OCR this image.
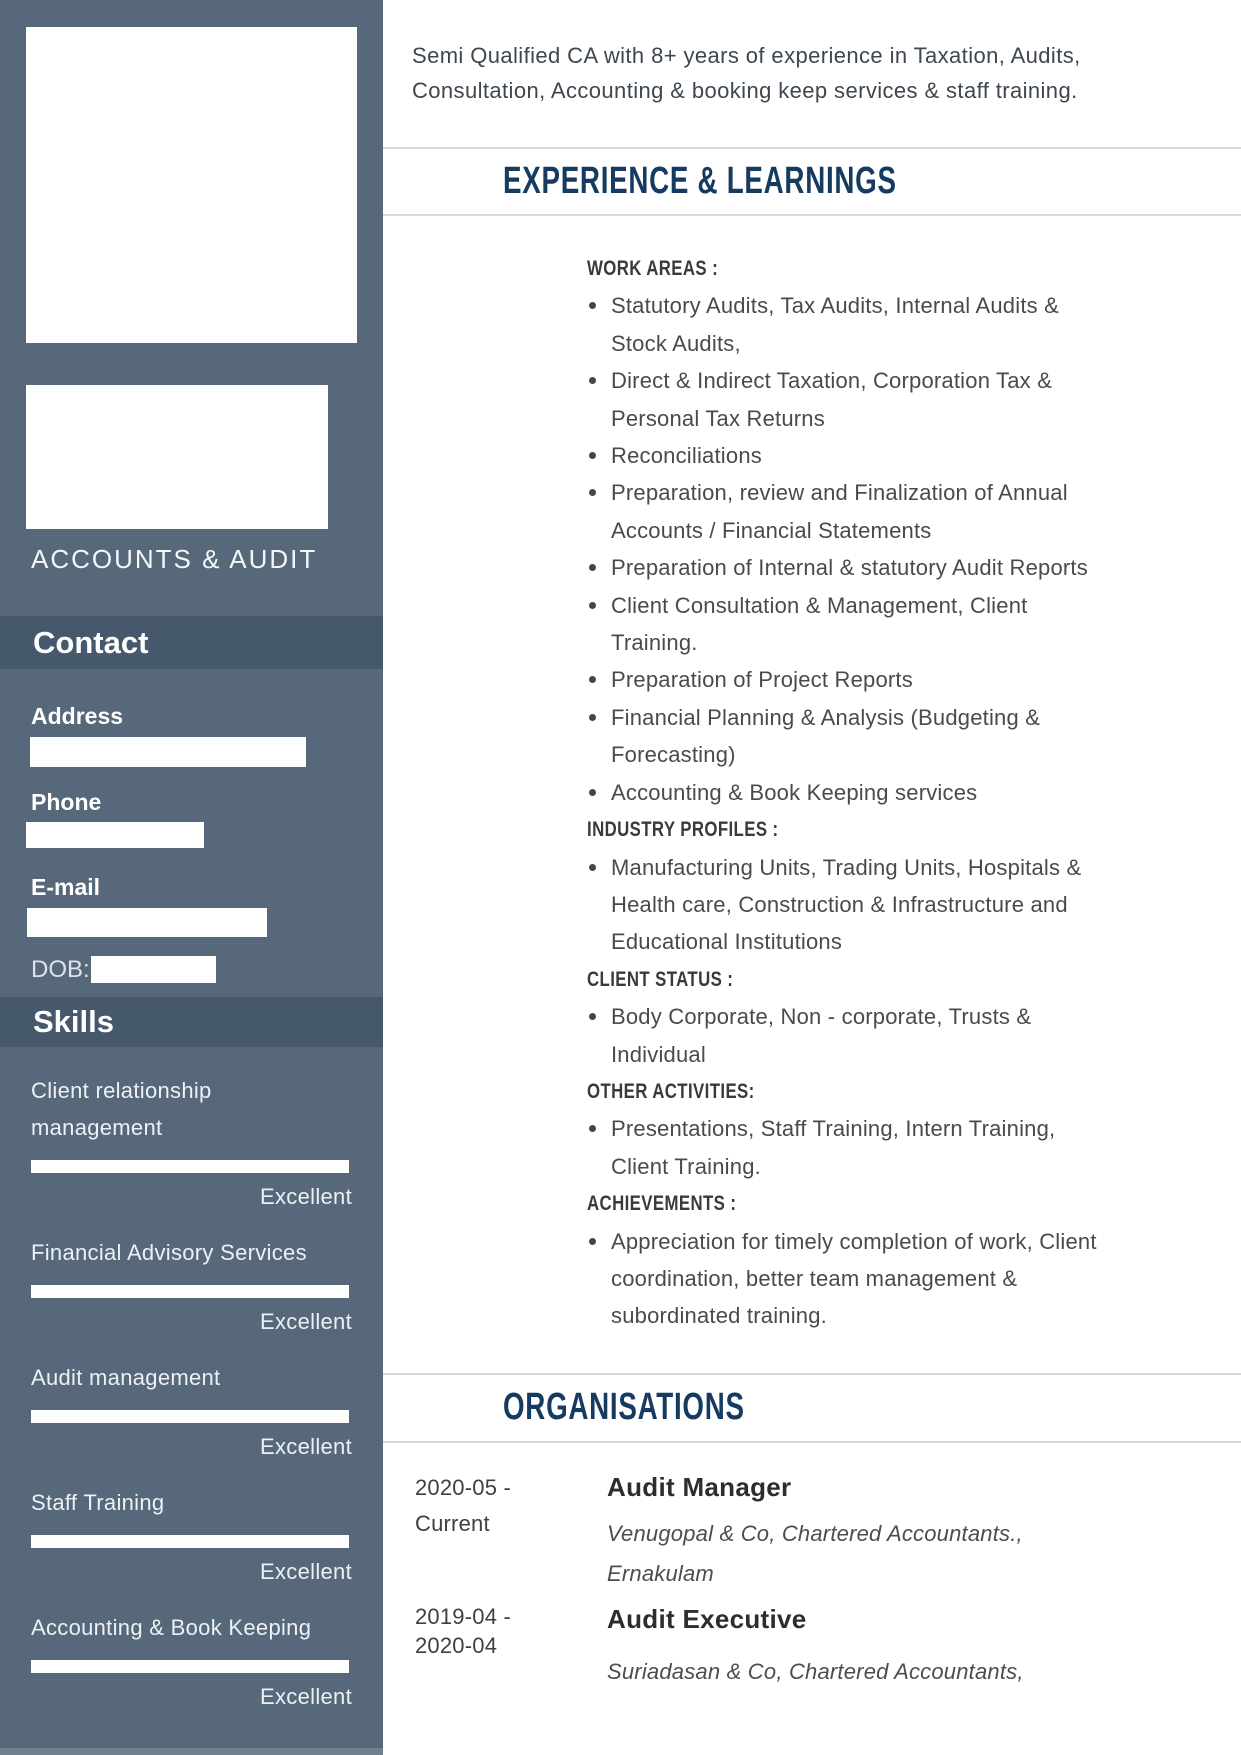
ACCOUNTS & AUDIT
Contact
Address
Phone
E-mail
DOB:
Skills
Client relationship management
Excellent
Financial Advisory Services
Excellent
Audit management
Excellent
Staff Training
Excellent
Accounting & Book Keeping
Excellent
Semi Qualified CA with 8+ years of experience in Taxation, Audits,
Consultation, Accounting & booking keep services & staff training.
EXPERIENCE & LEARNINGS
WORK AREAS :
Statutory Audits, Tax Audits, Internal Audits & Stock Audits,
Direct & Indirect Taxation, Corporation Tax & Personal Tax Returns
Reconciliations
Preparation, review and Finalization of Annual Accounts / Financial Statements
Preparation of Internal & statutory Audit Reports
Client Consultation & Management, Client Training.
Preparation of Project Reports
Financial Planning & Analysis (Budgeting & Forecasting)
Accounting & Book Keeping services
INDUSTRY PROFILES :
Manufacturing Units, Trading Units, Hospitals & Health care, Construction & Infrastructure and Educational Institutions
CLIENT STATUS :
Body Corporate, Non - corporate, Trusts & Individual
OTHER ACTIVITIES:
Presentations, Staff Training, Intern Training, Client Training.
ACHIEVEMENTS :
Appreciation for timely completion of work, Client coordination, better team management & subordinated training.
ORGANISATIONS
2020-05 -
Current
Audit Manager
Venugopal & Co, Chartered Accountants., Ernakulam
2019-04 -
2020-04
Audit Executive
Suriadasan & Co, Chartered Accountants,
